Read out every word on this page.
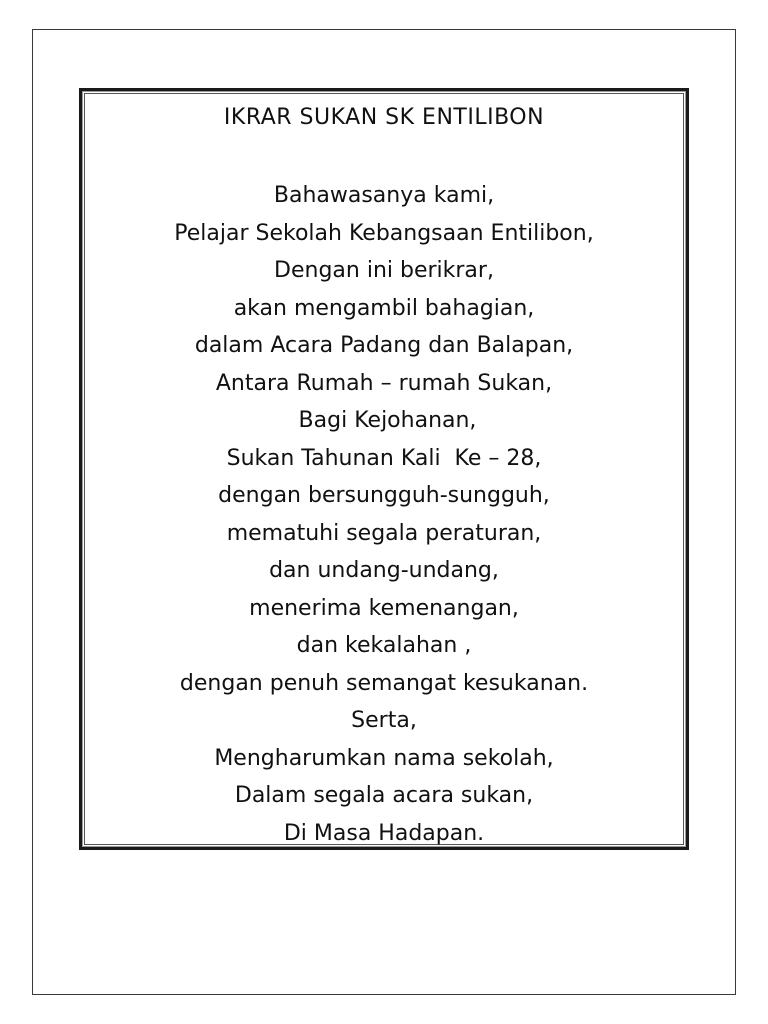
IKRAR SUKAN SK ENTILIBON
Bahawasanya kami,
Pelajar Sekolah Kebangsaan Entilibon,
Dengan ini berikrar,
akan mengambil bahagian,
dalam Acara Padang dan Balapan,
Antara Rumah – rumah Sukan,
Bagi Kejohanan,
Sukan Tahunan Kali  Ke – 28,
dengan bersungguh-sungguh,
mematuhi segala peraturan,
dan undang-undang,
menerima kemenangan,
dan kekalahan ,
dengan penuh semangat kesukanan.
Serta,
Mengharumkan nama sekolah,
Dalam segala acara sukan,
Di Masa Hadapan.
